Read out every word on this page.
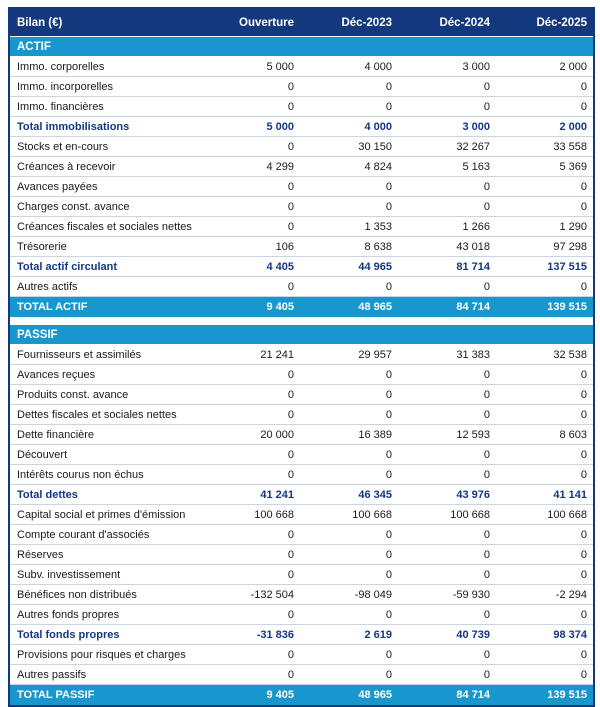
Bilan (€)	Ouverture	Déc-2023	Déc-2024	Déc-2025
ACTIF				
Immo. corporelles	5 000	4 000	3 000	2 000
Immo. incorporelles	0	0	0	0
Immo. financières	0	0	0	0
Total immobilisations	5 000	4 000	3 000	2 000
Stocks et en-cours	0	30 150	32 267	33 558
Créances à recevoir	4 299	4 824	5 163	5 369
Avances payées	0	0	0	0
Charges const. avance	0	0	0	0
Créances fiscales et sociales nettes	0	1 353	1 266	1 290
Trésorerie	106	8 638	43 018	97 298
Total actif circulant	4 405	44 965	81 714	137 515
Autres actifs	0	0	0	0
TOTAL ACTIF	9 405	48 965	84 714	139 515

PASSIF				
Fournisseurs et assimilés	21 241	29 957	31 383	32 538
Avances reçues	0	0	0	0
Produits const. avance	0	0	0	0
Dettes fiscales et sociales nettes	0	0	0	0
Dette financière	20 000	16 389	12 593	8 603
Découvert	0	0	0	0
Intérêts courus non échus	0	0	0	0
Total dettes	41 241	46 345	43 976	41 141
Capital social et primes d'émission	100 668	100 668	100 668	100 668
Compte courant d'associés	0	0	0	0
Réserves	0	0	0	0
Subv. investissement	0	0	0	0
Bénéfices non distribués	-132 504	-98 049	-59 930	-2 294
Autres fonds propres	0	0	0	0
Total fonds propres	-31 836	2 619	40 739	98 374
Provisions pour risques et charges	0	0	0	0
Autres passifs	0	0	0	0
TOTAL PASSIF	9 405	48 965	84 714	139 515
